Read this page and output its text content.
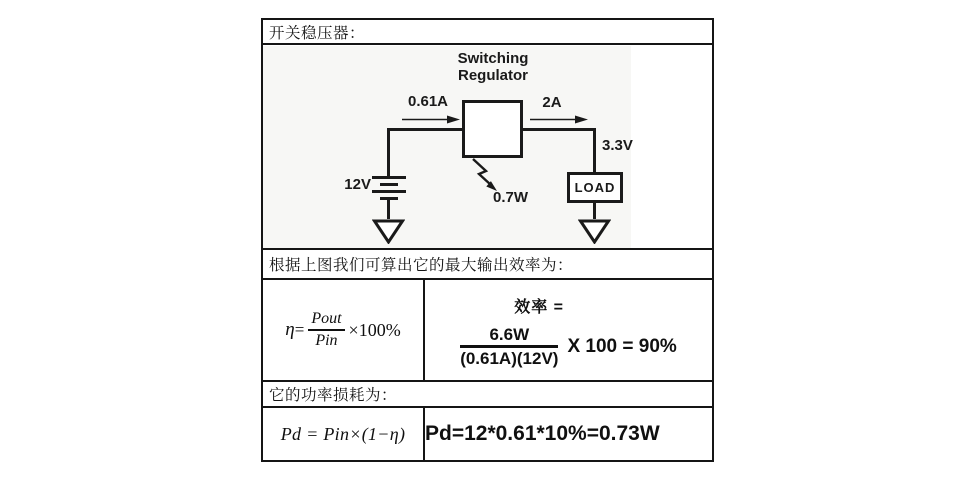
开关稳压器：
Switching
Regulator
0.61A	2A
12V
3.3V
LOAD
0.7W
根据上图我们可算出它的最大输出效率为：
$\eta = \frac{\text{Pout}}{\text{Pin}} \times 100\%$
效率 =
$\frac{6.6W}{(0.61A)(12V)}$ X 100 = 90%
它的功率损耗为：
Pd = Pin×(1−η) Pd=12*0.61*10%=0.73W
